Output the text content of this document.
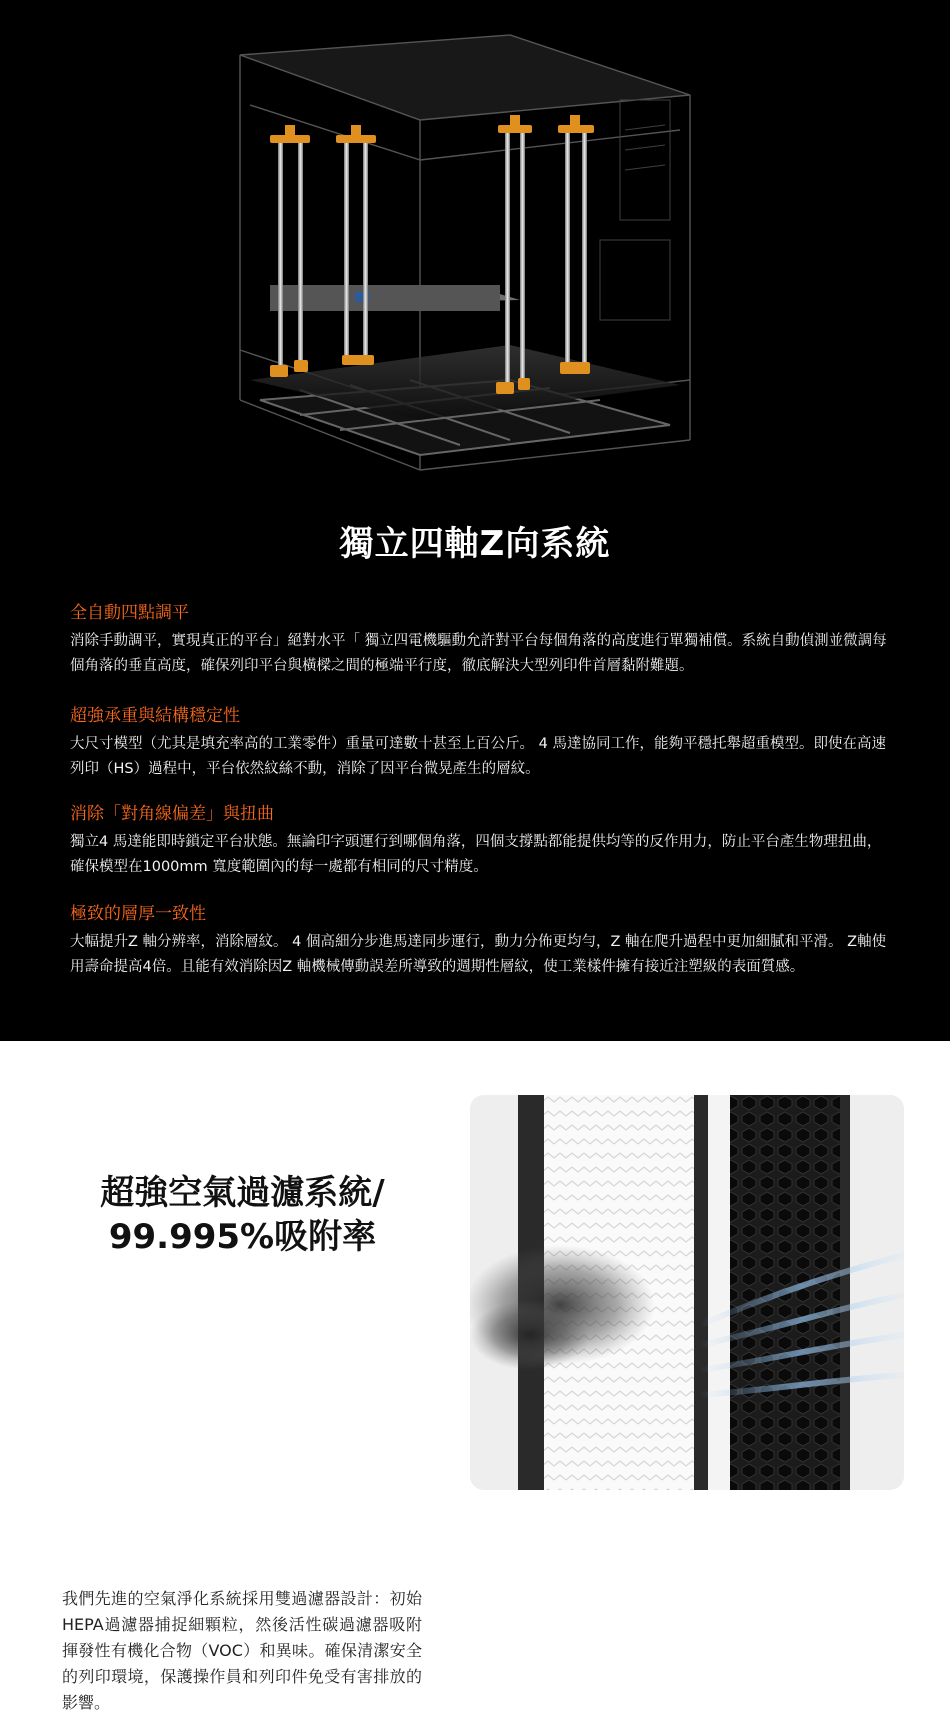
獨立四軸Z向系統
全自動四點調平

消除手動調平，實現真正的平台」絕對水平「 獨立四電機驅動允許對平台每個角落的高度進行單獨補償。系統自動偵測並微調每個角落的垂直高度，確保列印平台與橫樑之間的極端平行度，徹底解決大型列印件首層黏附難題。

超強承重與結構穩定性

大尺寸模型（尤其是填充率高的工業零件）重量可達數十甚至上百公斤。 4 馬達協同工作，能夠平穩托舉超重模型。即使在高速列印（HS）過程中，平台依然紋絲不動，消除了因平台微晃產生的層紋。

消除「對角線偏差」與扭曲

獨立4 馬達能即時鎖定平台狀態。無論印字頭運行到哪個角落，四個支撐點都能提供均等的反作用力，防止平台產生物理扭曲，確保模型在1000mm 寬度範圍內的每一處都有相同的尺寸精度。

極致的層厚一致性

大幅提升Z 軸分辨率，消除層紋。 4 個高細分步進馬達同步運行，動力分佈更均勻，Z 軸在爬升過程中更加細膩和平滑。 Z軸使用壽命提高4倍。且能有效消除因Z 軸機械傳動誤差所導致的週期性層紋，使工業樣件擁有接近注塑級的表面質感。

超強空氣過濾系統/
99.995%吸附率
我們先進的空氣淨化系統採用雙過濾器設計：初始HEPA過濾器捕捉細顆粒，然後活性碳過濾器吸附揮發性有機化合物（VOC）和異味。確保清潔安全的列印環境，保護操作員和列印件免受有害排放的影響。
